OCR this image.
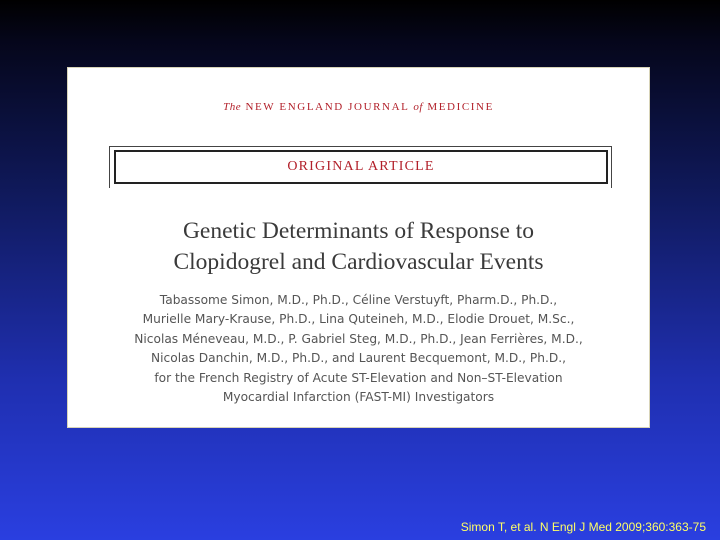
The NEW ENGLAND JOURNAL of MEDICINE
ORIGINAL ARTICLE
Genetic Determinants of Response to
Clopidogrel and Cardiovascular Events
Tabassome Simon, M.D., Ph.D., Céline Verstuyft, Pharm.D., Ph.D.,
Murielle Mary-Krause, Ph.D., Lina Quteineh, M.D., Elodie Drouet, M.Sc.,
Nicolas Méneveau, M.D., P. Gabriel Steg, M.D., Ph.D., Jean Ferrières, M.D.,
Nicolas Danchin, M.D., Ph.D., and Laurent Becquemont, M.D., Ph.D.,
for the French Registry of Acute ST-Elevation and Non–ST-Elevation
Myocardial Infarction (FAST-MI) Investigators
Simon T, et al. N Engl J Med 2009;360:363-75
